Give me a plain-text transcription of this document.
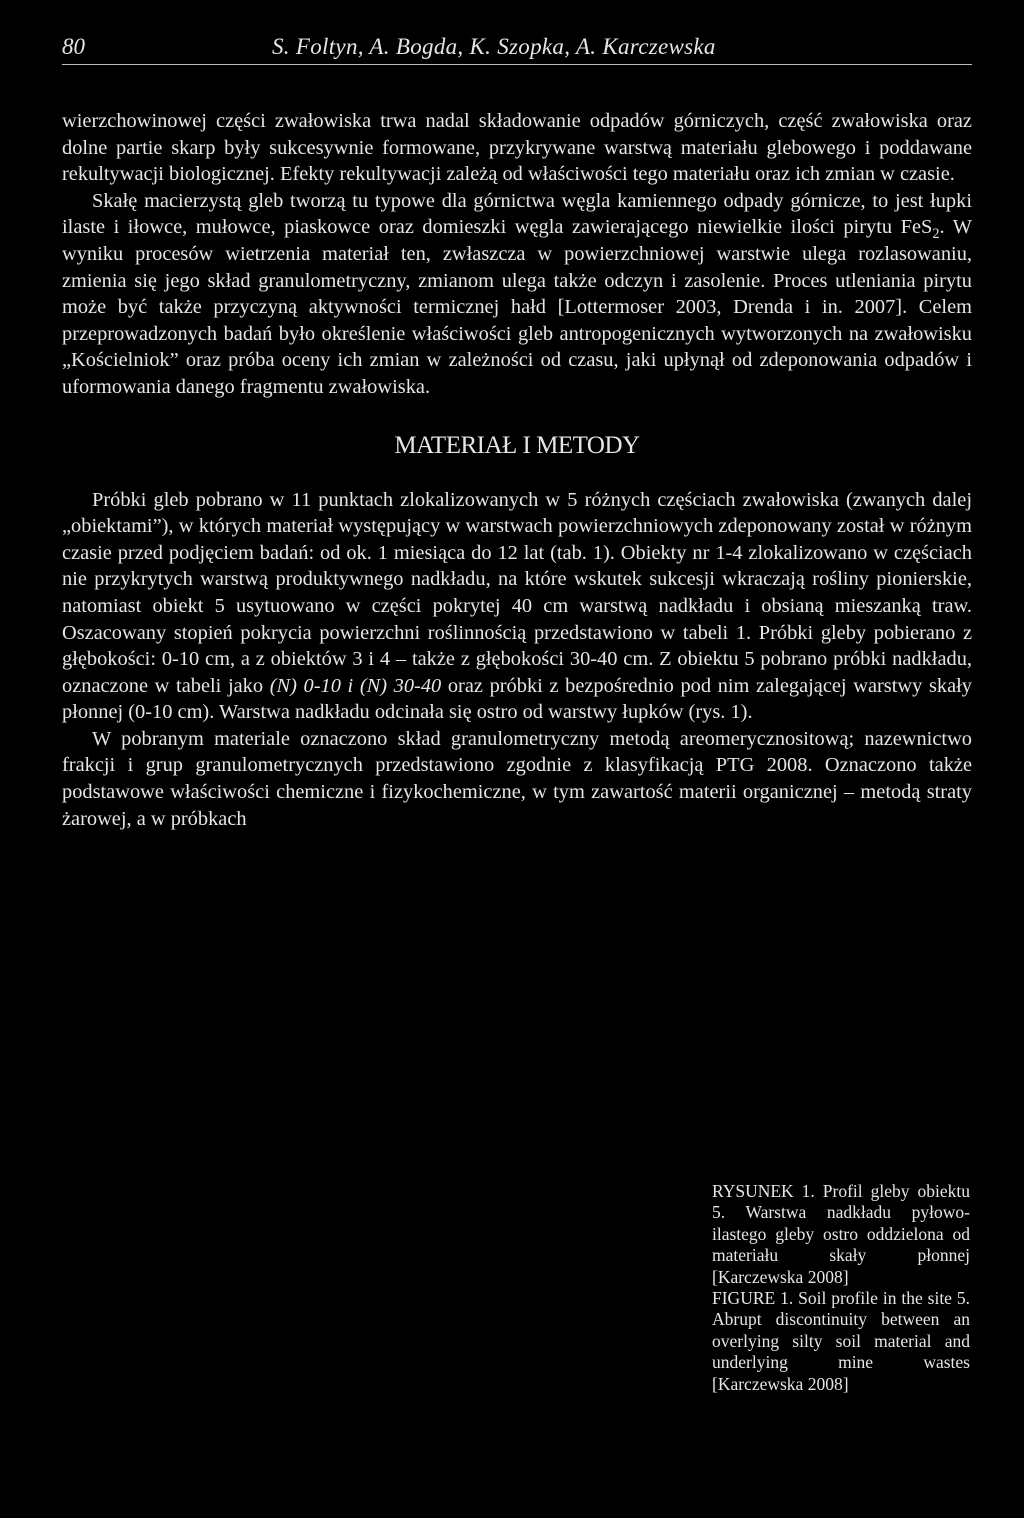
80	S. Foltyn, A. Bogda, K. Szopka, A. Karczewska

wierzchowinowej części zwałowiska trwa nadal składowanie odpadów górniczych, część zwałowiska oraz dolne partie skarp były sukcesywnie formowane, przykrywane warstwą materiału glebowego i poddawane rekultywacji biologicznej. Efekty rekultywacji zależą od właściwości tego materiału oraz ich zmian w czasie.

Skałę macierzystą gleb tworzą tu typowe dla górnictwa węgla kamiennego odpady górnicze, to jest łupki ilaste i iłowce, mułowce, piaskowce oraz domieszki węgla zawierającego niewielkie ilości pirytu FeS$_2$. W wyniku procesów wietrzenia materiał ten, zwłaszcza w powierzchniowej warstwie ulega rozlasowaniu, zmienia się jego skład granulometryczny, zmianom ulega także odczyn i zasolenie. Proces utleniania pirytu może być także przyczyną aktywności termicznej hałd [Lottermoser 2003, Drenda i in. 2007]. Celem przeprowadzonych badań było określenie właściwości gleb antropogenicznych wytworzonych na zwałowisku „Kościelniok” oraz próba oceny ich zmian w zależności od czasu, jaki upłynął od zdeponowania odpadów i uformowania danego fragmentu zwałowiska.

MATERIAŁ I METODY

Próbki gleb pobrano w 11 punktach zlokalizowanych w 5 różnych częściach zwałowiska (zwanych dalej „obiektami”), w których materiał występujący w warstwach powierzchniowych zdeponowany został w różnym czasie przed podjęciem badań: od ok. 1 miesiąca do 12 lat (tab. 1). Obiekty nr 1-4 zlokalizowano w częściach nie przykrytych warstwą produktywnego nadkładu, na które wskutek sukcesji wkraczają rośliny pionierskie, natomiast obiekt 5 usytuowano w części pokrytej 40 cm warstwą nadkładu i obsianą mieszanką traw. Oszacowany stopień pokrycia powierzchni roślinnością przedstawiono w tabeli 1. Próbki gleby pobierano z głębokości: 0-10 cm, a z obiektów 3 i 4 – także z głębokości 30-40 cm. Z obiektu 5 pobrano próbki nadkładu, oznaczone w tabeli jako (N) 0-10 i (N) 30-40 oraz próbki z bezpośrednio pod nim zalegającej warstwy skały płonnej (0-10 cm). Warstwa nadkładu odcinała się ostro od warstwy łupków (rys. 1).

W pobranym materiale oznaczono skład granulometryczny metodą areomerycznositową; nazewnictwo frakcji i grup granulometrycznych przedstawiono zgodnie z klasyfikacją PTG 2008. Oznaczono także podstawowe właściwości chemiczne i fizykochemiczne, w tym zawartość materii organicznej – metodą straty żarowej, a w próbkach

RYSUNEK 1. Profil gleby obiektu 5. Warstwa nadkładu pyłowo-ilastego gleby ostro oddzielona od materiału skały płonnej [Karczewska 2008]

FIGURE 1. Soil profile in the site 5. Abrupt discontinuity between an overlying silty soil material and underlying mine wastes [Karczewska 2008]
